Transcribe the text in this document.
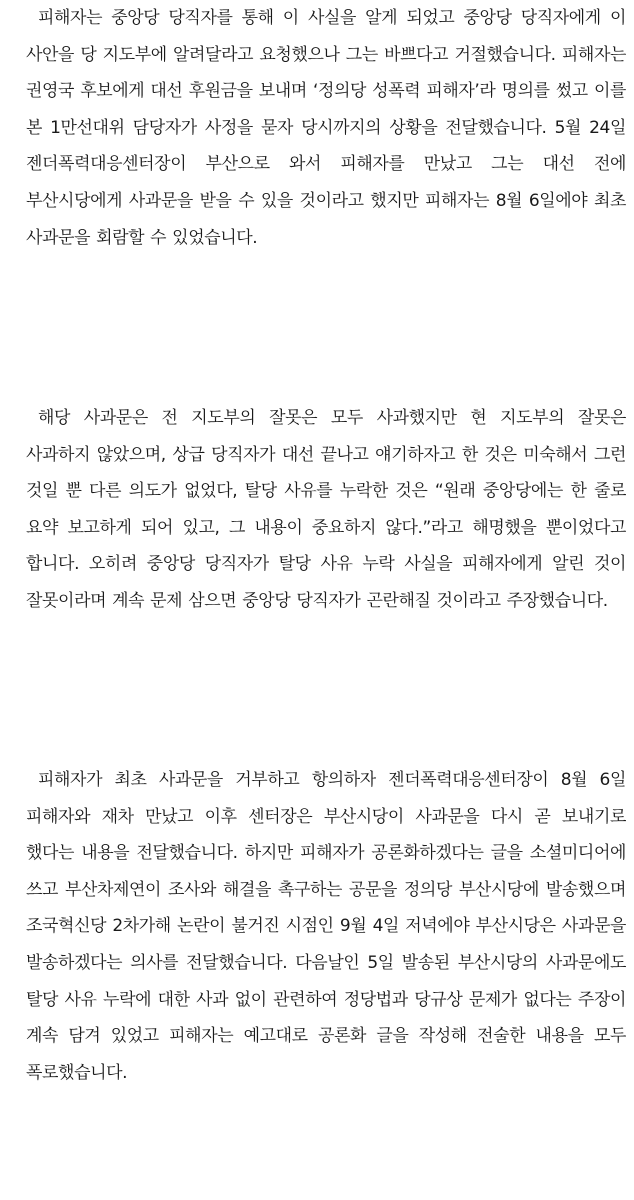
피해자는 중앙당 당직자를 통해 이 사실을 알게 되었고 중앙당 당직자에게 이 사안을 당 지도부에 알려달라고 요청했으나 그는 바쁘다고 거절했습니다. 피해자는 권영국 후보에게 대선 후원금을 보내며 ‘정의당 성폭력 피해자’라 명의를 썼고 이를 본 1만선대위 담당자가 사정을 묻자 당시까지의 상황을 전달했습니다. 5월 24일 젠더폭력대응센터장이 부산으로 와서 피해자를 만났고 그는 대선 전에 부산시당에게 사과문을 받을 수 있을 것이라고 했지만 피해자는 8월 6일에야 최초 사과문을 회람할 수 있었습니다.

해당 사과문은 전 지도부의 잘못은 모두 사과했지만 현 지도부의 잘못은 사과하지 않았으며, 상급 당직자가 대선 끝나고 얘기하자고 한 것은 미숙해서 그런 것일 뿐 다른 의도가 없었다, 탈당 사유를 누락한 것은 “원래 중앙당에는 한 줄로 요약 보고하게 되어 있고, 그 내용이 중요하지 않다.”라고 해명했을 뿐이었다고 합니다. 오히려 중앙당 당직자가 탈당 사유 누락 사실을 피해자에게 알린 것이 잘못이라며 계속 문제 삼으면 중앙당 당직자가 곤란해질 것이라고 주장했습니다.

피해자가 최초 사과문을 거부하고 항의하자 젠더폭력대응센터장이 8월 6일 피해자와 재차 만났고 이후 센터장은 부산시당이 사과문을 다시 곧 보내기로 했다는 내용을 전달했습니다. 하지만 피해자가 공론화하겠다는 글을 소셜미디어에 쓰고 부산차제연이 조사와 해결을 촉구하는 공문을 정의당 부산시당에 발송했으며 조국혁신당 2차가해 논란이 불거진 시점인 9월 4일 저녁에야 부산시당은 사과문을 발송하겠다는 의사를 전달했습니다. 다음날인 5일 발송된 부산시당의 사과문에도 탈당 사유 누락에 대한 사과 없이 관련하여 정당법과 당규상 문제가 없다는 주장이 계속 담겨 있었고 피해자는 예고대로 공론화 글을 작성해 전술한 내용을 모두 폭로했습니다.
